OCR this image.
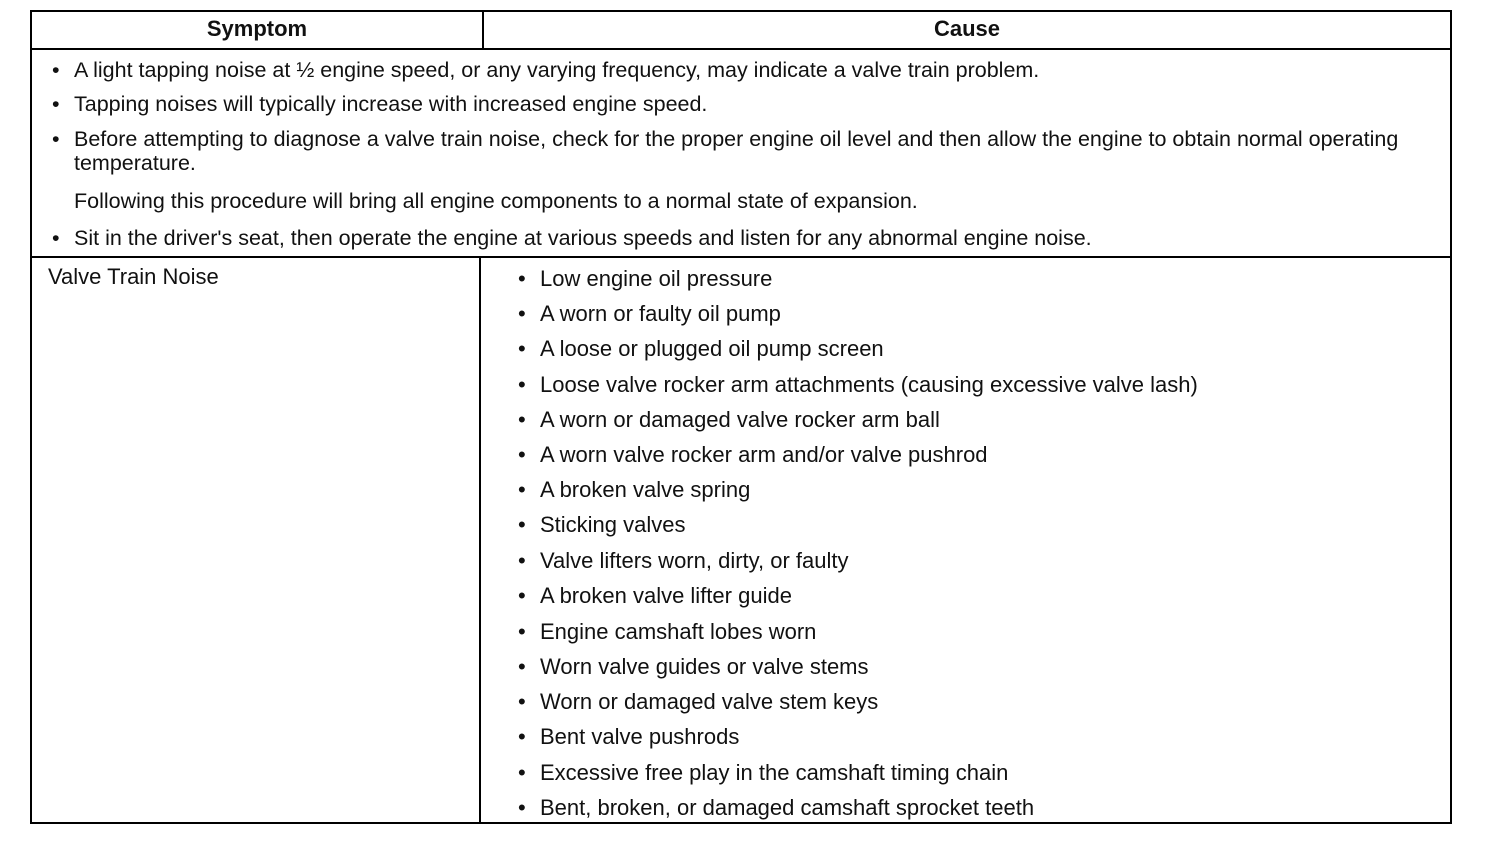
Symptom	Cause
• A light tapping noise at ½ engine speed, or any varying frequency, may indicate a valve train problem.
• Tapping noises will typically increase with increased engine speed.
• Before attempting to diagnose a valve train noise, check for the proper engine oil level and then allow the engine to obtain normal operating temperature.
Following this procedure will bring all engine components to a normal state of expansion.
• Sit in the driver's seat, then operate the engine at various speeds and listen for any abnormal engine noise.
Valve Train Noise	• Low engine oil pressure
• A worn or faulty oil pump
• A loose or plugged oil pump screen
• Loose valve rocker arm attachments (causing excessive valve lash)
• A worn or damaged valve rocker arm ball
• A worn valve rocker arm and/or valve pushrod
• A broken valve spring
• Sticking valves
• Valve lifters worn, dirty, or faulty
• A broken valve lifter guide
• Engine camshaft lobes worn
• Worn valve guides or valve stems
• Worn or damaged valve stem keys
• Bent valve pushrods
• Excessive free play in the camshaft timing chain
• Bent, broken, or damaged camshaft sprocket teeth
